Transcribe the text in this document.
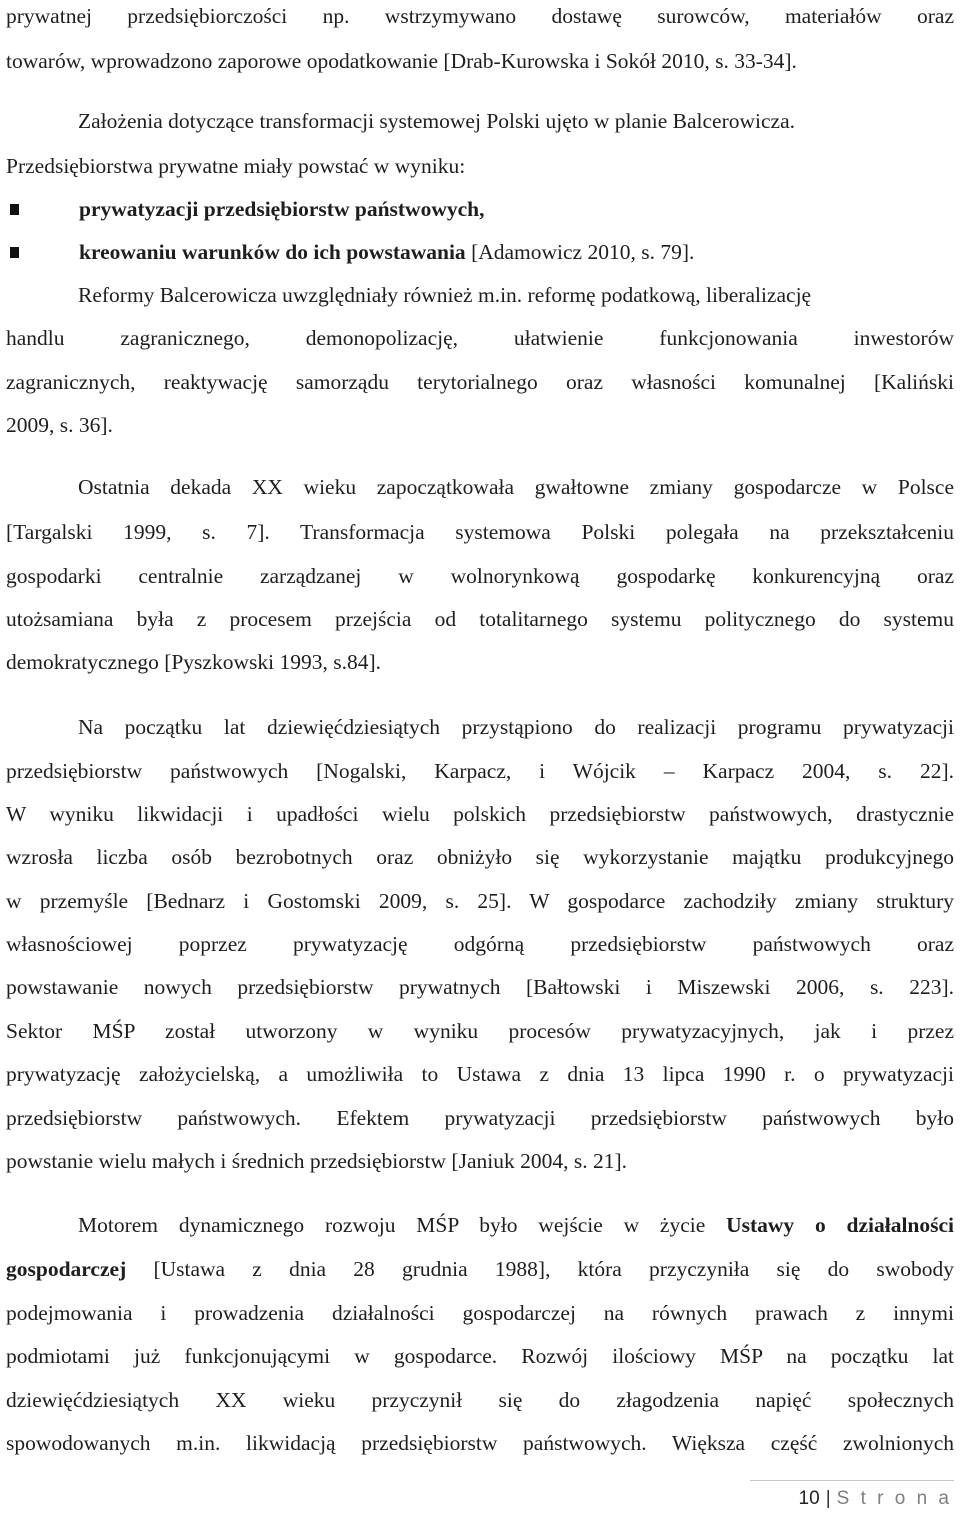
prywatnej przedsiębiorczości np. wstrzymywano dostawę surowców, materiałów oraz
towarów, wprowadzono zaporowe opodatkowanie [Drab-Kurowska i Sokół 2010, s. 33-34].
Założenia dotyczące transformacji systemowej Polski ujęto w planie Balcerowicza.
Przedsiębiorstwa prywatne miały powstać w wyniku:
prywatyzacji przedsiębiorstw państwowych,
kreowaniu warunków do ich powstawania [Adamowicz 2010, s. 79].
Reformy Balcerowicza uwzględniały również m.in. reformę podatkową, liberalizację
handlu zagranicznego, demonopolizację, ułatwienie funkcjonowania inwestorów
zagranicznych, reaktywację samorządu terytorialnego oraz własności komunalnej [Kaliński
2009, s. 36].
Ostatnia dekada XX wieku zapoczątkowała gwałtowne zmiany gospodarcze w Polsce
[Targalski 1999, s. 7]. Transformacja systemowa Polski polegała na przekształceniu
gospodarki centralnie zarządzanej w wolnorynkową gospodarkę konkurencyjną oraz
utożsamiana była z procesem przejścia od totalitarnego systemu politycznego do systemu
demokratycznego [Pyszkowski 1993, s.84].
Na początku lat dziewięćdziesiątych przystąpiono do realizacji programu prywatyzacji
przedsiębiorstw państwowych [Nogalski, Karpacz, i Wójcik – Karpacz 2004, s. 22].
W wyniku likwidacji i upadłości wielu polskich przedsiębiorstw państwowych, drastycznie
wzrosła liczba osób bezrobotnych oraz obniżyło się wykorzystanie majątku produkcyjnego
w przemyśle [Bednarz i Gostomski 2009, s. 25]. W gospodarce zachodziły zmiany struktury
własnościowej poprzez prywatyzację odgórną przedsiębiorstw państwowych oraz
powstawanie nowych przedsiębiorstw prywatnych [Bałtowski i Miszewski 2006, s. 223].
Sektor MŚP został utworzony w wyniku procesów prywatyzacyjnych, jak i przez
prywatyzację założycielską, a umożliwiła to Ustawa z dnia 13 lipca 1990 r. o prywatyzacji
przedsiębiorstw państwowych. Efektem prywatyzacji przedsiębiorstw państwowych było
powstanie wielu małych i średnich przedsiębiorstw [Janiuk 2004, s. 21].
Motorem dynamicznego rozwoju MŚP było wejście w życie Ustawy o działalności
gospodarczej [Ustawa z dnia 28 grudnia 1988], która przyczyniła się do swobody
podejmowania i prowadzenia działalności gospodarczej na równych prawach z innymi
podmiotami już funkcjonującymi w gospodarce. Rozwój ilościowy MŚP na początku lat
dziewięćdziesiątych XX wieku przyczynił się do złagodzenia napięć społecznych
spowodowanych m.in. likwidacją przedsiębiorstw państwowych. Większa część zwolnionych
10 | S t r o n a
